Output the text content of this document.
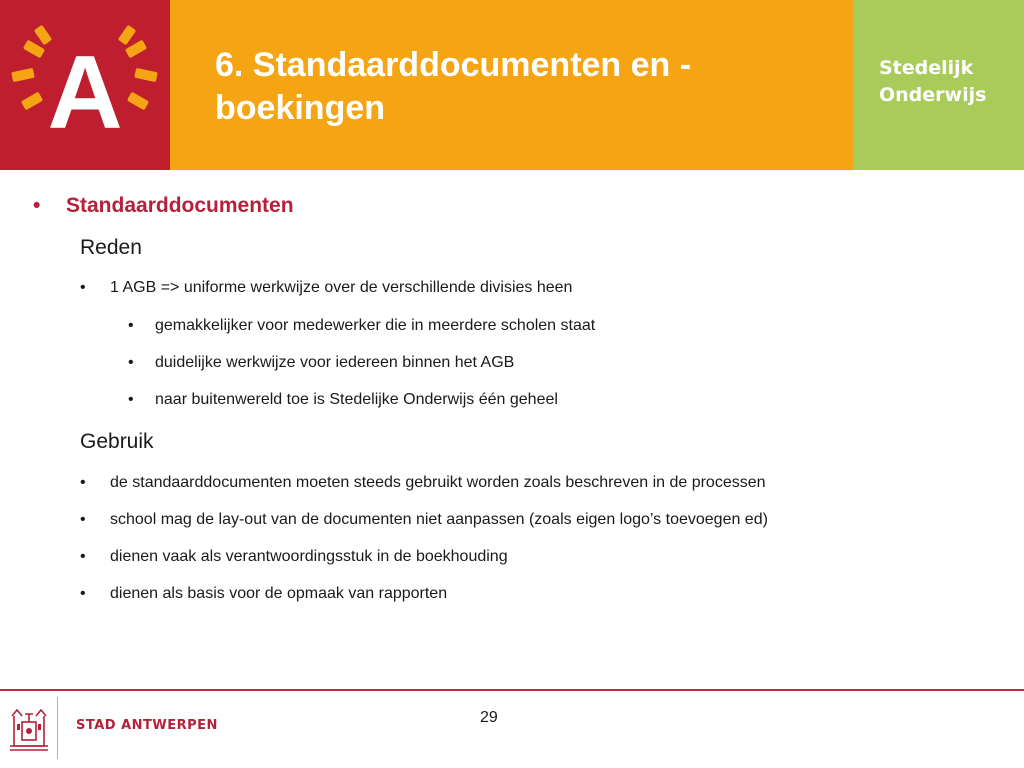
A	6. Standaarddocumenten en - boekingen
Stedelijk
Onderwijs
• Standaarddocumenten
Reden
• 1 AGB => uniforme werkwijze over de verschillende divisies heen
• gemakkelijker voor medewerker die in meerdere scholen staat
• duidelijke werkwijze voor iedereen binnen het AGB
• naar buitenwereld toe is Stedelijke Onderwijs één geheel
Gebruik
• de standaarddocumenten moeten steeds gebruikt worden zoals beschreven in de processen
• school mag de lay-out van de documenten niet aanpassen (zoals eigen logo’s toevoegen ed)
• dienen vaak als verantwoordingsstuk in de boekhouding
• dienen als basis voor de opmaak van rapporten
STAD ANTWERPEN	29
